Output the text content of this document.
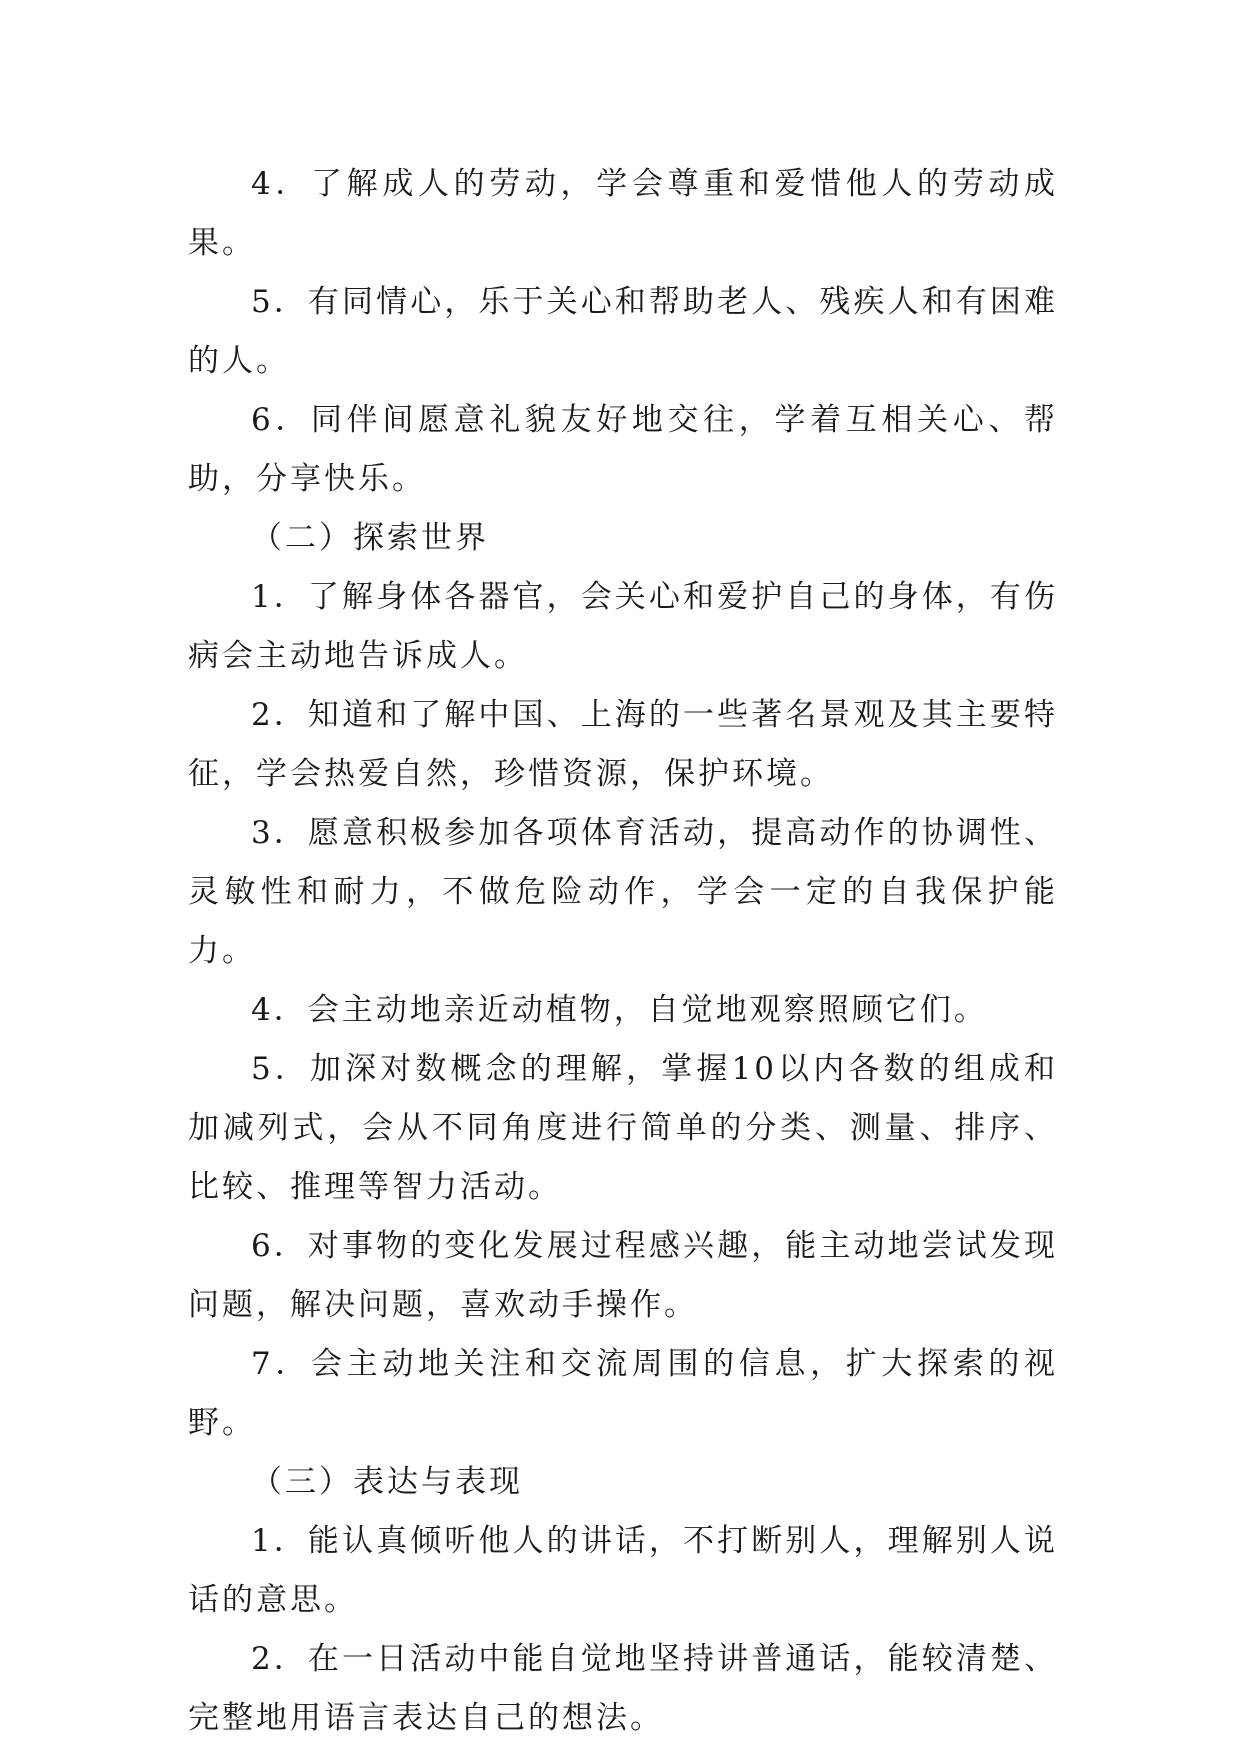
4．了解成人的劳动，学会尊重和爱惜他人的劳动成果。

5．有同情心，乐于关心和帮助老人、残疾人和有困难的人。

6．同伴间愿意礼貌友好地交往，学着互相关心、帮助，分享快乐。

（二）探索世界

1．了解身体各器官，会关心和爱护自己的身体，有伤病会主动地告诉成人。

2．知道和了解中国、上海的一些著名景观及其主要特征，学会热爱自然，珍惜资源，保护环境。

3．愿意积极参加各项体育活动，提高动作的协调性、灵敏性和耐力，不做危险动作，学会一定的自我保护能力。

4．会主动地亲近动植物，自觉地观察照顾它们。

5．加深对数概念的理解，掌握10以内各数的组成和加减列式，会从不同角度进行简单的分类、测量、排序、比较、推理等智力活动。

6．对事物的变化发展过程感兴趣，能主动地尝试发现问题，解决问题，喜欢动手操作。

7．会主动地关注和交流周围的信息，扩大探索的视野。

（三）表达与表现

1．能认真倾听他人的讲话，不打断别人，理解别人说话的意思。

2．在一日活动中能自觉地坚持讲普通话，能较清楚、完整地用语言表达自己的想法。
